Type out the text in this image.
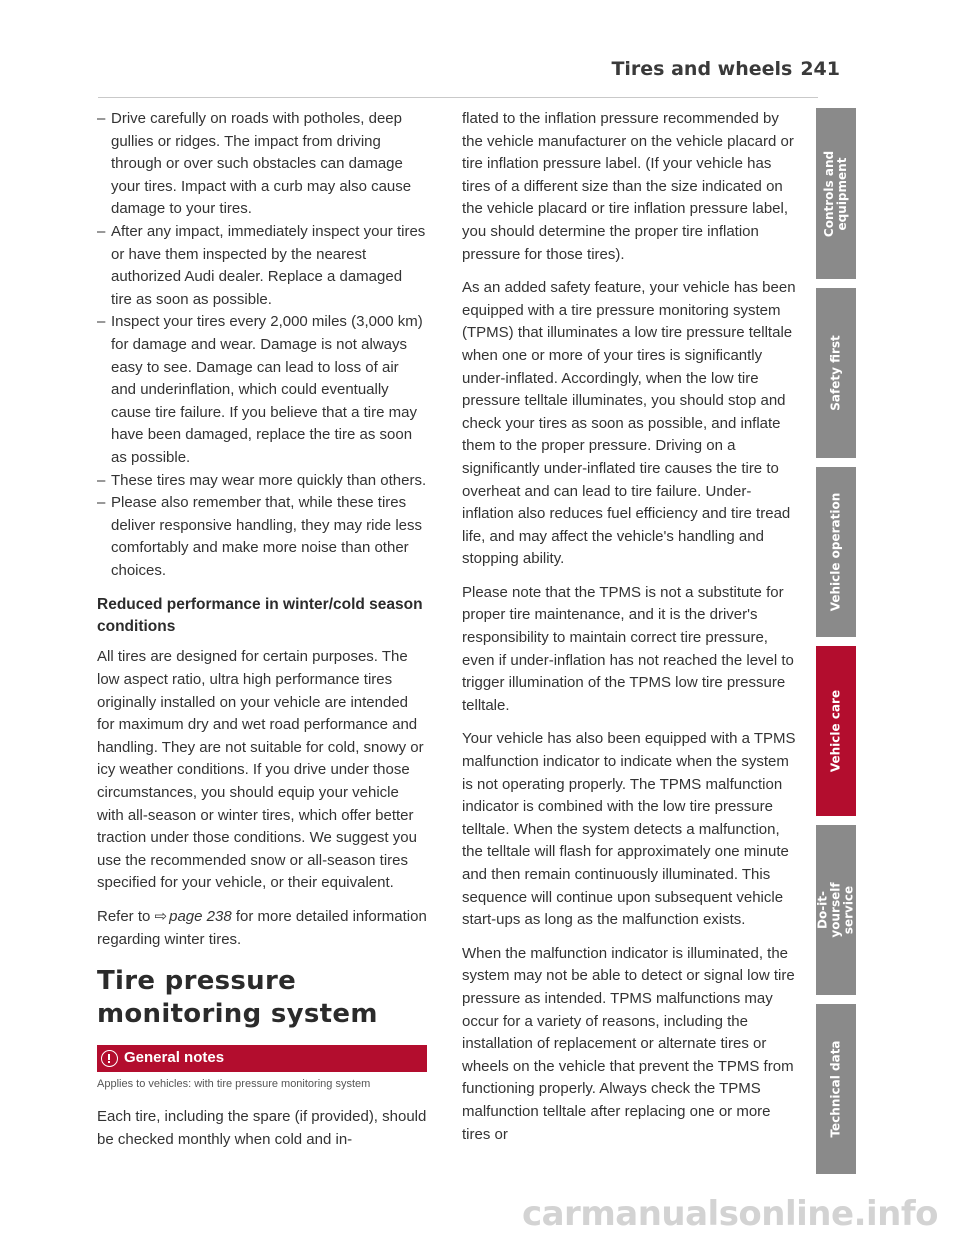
Tires and wheels 241
– Drive carefully on roads with potholes, deep gullies or ridges. The impact from driving through or over such obstacles can damage your tires. Impact with a curb may also cause damage to your tires.
– After any impact, immediately inspect your tires or have them inspected by the nearest authorized Audi dealer. Replace a damaged tire as soon as possible.
– Inspect your tires every 2,000 miles (3,000 km) for damage and wear. Damage is not always easy to see. Damage can lead to loss of air and underinflation, which could eventually cause tire failure. If you believe that a tire may have been damaged, replace the tire as soon as possible.
– These tires may wear more quickly than others.
– Please also remember that, while these tires deliver responsive handling, they may ride less comfortably and make more noise than other choices.
Reduced performance in winter/cold season conditions

All tires are designed for certain purposes. The low aspect ratio, ultra high performance tires originally installed on your vehicle are intended for maximum dry and wet road performance and handling. They are not suitable for cold, snowy or icy weather conditions. If you drive under those circumstances, you should equip your vehicle with all-season or winter tires, which offer better traction under those conditions. We suggest you use the recommended snow or all-season tires specified for your vehicle, or their equivalent.

Refer to ⇨ page 238 for more detailed information regarding winter tires.

Tire pressure monitoring system
General notes
Applies to vehicles: with tire pressure monitoring system

Each tire, including the spare (if provided), should be checked monthly when cold and in-

flated to the inflation pressure recommended by the vehicle manufacturer on the vehicle placard or tire inflation pressure label. (If your vehicle has tires of a different size than the size indicated on the vehicle placard or tire inflation pressure label, you should determine the proper tire inflation pressure for those tires).

As an added safety feature, your vehicle has been equipped with a tire pressure monitoring system (TPMS) that illuminates a low tire pressure telltale when one or more of your tires is significantly under-inflated. Accordingly, when the low tire pressure telltale illuminates, you should stop and check your tires as soon as possible, and inflate them to the proper pressure. Driving on a significantly under-inflated tire causes the tire to overheat and can lead to tire failure. Under-inflation also reduces fuel efficiency and tire tread life, and may affect the vehicle's handling and stopping ability.

Please note that the TPMS is not a substitute for proper tire maintenance, and it is the driver's responsibility to maintain correct tire pressure, even if under-inflation has not reached the level to trigger illumination of the TPMS low tire pressure telltale.

Your vehicle has also been equipped with a TPMS malfunction indicator to indicate when the system is not operating properly. The TPMS malfunction indicator is combined with the low tire pressure telltale. When the system detects a malfunction, the telltale will flash for approximately one minute and then remain continuously illuminated. This sequence will continue upon subsequent vehicle start-ups as long as the malfunction exists.

When the malfunction indicator is illuminated, the system may not be able to detect or signal low tire pressure as intended. TPMS malfunctions may occur for a variety of reasons, including the installation of replacement or alternate tires or wheels on the vehicle that prevent the TPMS from functioning properly. Always check the TPMS malfunction telltale after replacing one or more tires or

Controls and equipment
Safety first
Vehicle operation
Vehicle care
Do-it-yourself service
Technical data
carmanualsonline.info
